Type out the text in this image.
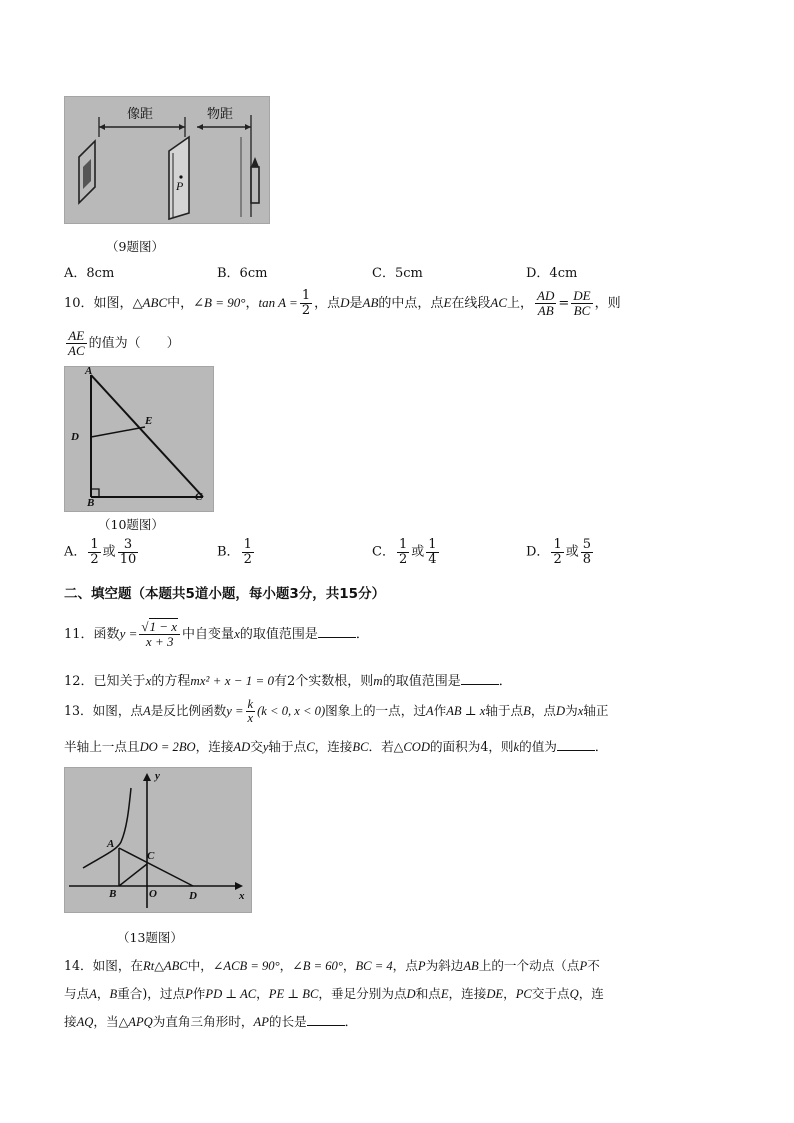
像距	物距
P
（9题图）
A．8cm	B．6cm	C．5cm	D．4cm
10．如图，△ABC中，∠B = 90°，$\tan A = \frac{1}{2}$ ，点D是AB的中点，点E在线段AC上， $\frac{AD}{AB} = \frac{DE}{BC}$ ，则
$\frac{AE}{AC}$ 的值为（　　）
A
E
D
B	C
（10题图）
A． $\frac{1}{2}$ 或 $\frac{3}{10}$	B． $\frac{1}{2}$	C． $\frac{1}{2}$ 或 $\frac{1}{4}$	D． $\frac{1}{2}$ 或 $\frac{5}{8}$
二、填空题（本题共5道小题，每小题3分，共15分）
11．函数$y = \frac{√1 - x}{x + 3}$ 中自变量x的取值范围是	．
12．已知关于x的方程mx² + x − 1 = 0有2个实数根，则m的取值范围是	．
13．如图，点A是反比例函数$y = \frac{k}{x} (k < 0$, x < 0)图象上的一点，过A作AB ⊥ x轴于点B，点D为x轴正
半轴上一点且DO = 2BO，连接AD交y轴于点C，连接BC．若△COD的面积为4，则k的值为	．
y
x
A
C
B	O	D
（13题图）
14．如图，在Rt△ABC中，∠ACB = 90°，∠B = 60°，BC = 4，点P为斜边AB上的一个动点（点P不
与点A，B重合)，过点P作PD ⊥ AC，PE ⊥ BC，垂足分别为点D和点E，连接DE，PC交于点Q，连
接AQ，当△APQ为直角三角形时，AP的长是	．
